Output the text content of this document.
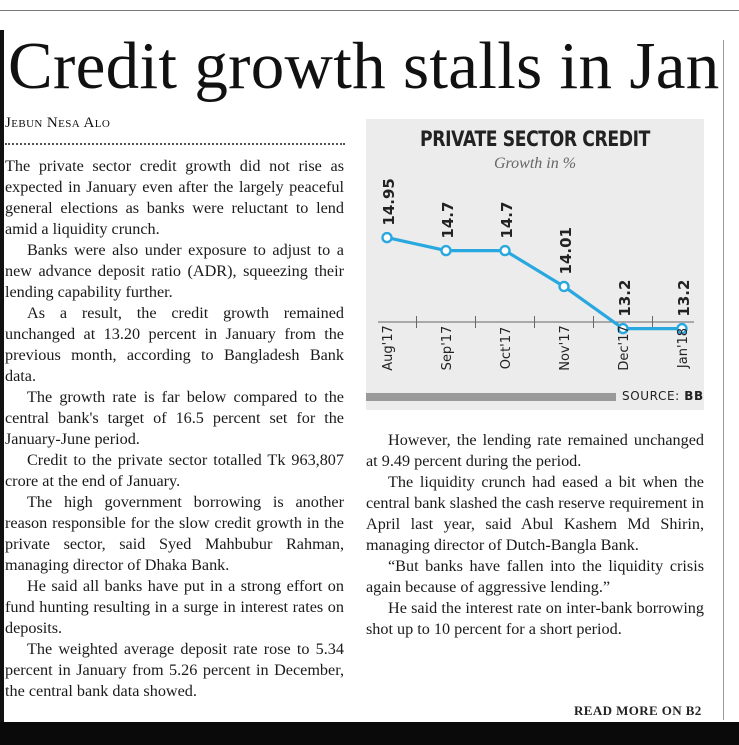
Credit growth stalls in Jan
Jebun Nesa Alo

The private sector credit growth did not rise as expected in January even after the largely peaceful general elections as banks were reluctant to lend amid a liquidity crunch.

Banks were also under exposure to adjust to a new advance deposit ratio (ADR), squeezing their lending capability further.

As a result, the credit growth remained unchanged at 13.20 percent in January from the previous month, according to Bangladesh Bank data.

The growth rate is far below compared to the central bank's target of 16.5 percent set for the January-June period.

Credit to the private sector totalled Tk 963,807 crore at the end of January.

The high government borrowing is another reason responsible for the slow credit growth in the private sector, said Syed Mahbubur Rahman, managing director of Dhaka Bank.

He said all banks have put in a strong effort on fund hunting resulting in a surge in interest rates on deposits.

The weighted average deposit rate rose to 5.34 percent in January from 5.26 percent in December, the central bank data showed.

PRIVATE SECTOR CREDIT
Growth in %
14.95	14.7	14.7
14.01
13.2	13.2
Aug'17	Sep'17	Oct'17	Nov'17	Dec'17	Jan'18
SOURCE: BB

However, the lending rate remained unchanged at 9.49 percent during the period.

The liquidity crunch had eased a bit when the central bank slashed the cash reserve requirement in April last year, said Abul Kashem Md Shirin, managing director of Dutch-Bangla Bank.

“But banks have fallen into the liquidity crisis again because of aggressive lending.”

He said the interest rate on inter-bank borrowing shot up to 10 percent for a short period.

READ MORE ON B2
